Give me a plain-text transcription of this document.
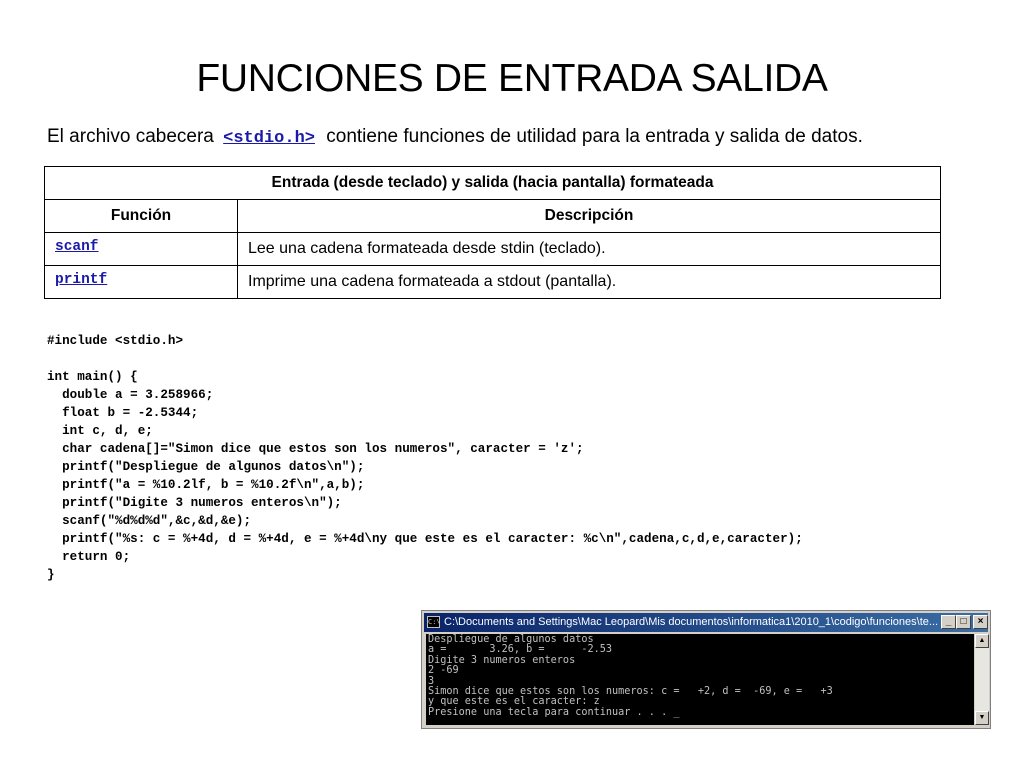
FUNCIONES DE ENTRADA SALIDA
El archivo cabecera <stdio.h> contiene funciones de utilidad para la entrada y salida de datos.
Entrada (desde teclado) y salida (hacia pantalla) formateada	
Función	Descripción
scanf	Lee una cadena formateada desde stdin (teclado).
printf	Imprime una cadena formateada a stdout (pantalla).
#include <stdio.h>

int main() {
double a = 3.258966;
float b = -2.5344;
int c, d, e;
char cadena[]="Simon dice que estos son los numeros", caracter = 'z';
printf("Despliegue de algunos datos\n");
printf("a = %10.2lf, b = %10.2f\n",a,b);
printf("Digite 3 numeros enteros\n");
scanf("%d%d%d",&c,&d,&e);
printf("%s: c = %+4d, d = %+4d, e = %+4d\ny que este es el caracter: %c\n",cadena,c,d,e,caracter);
return 0;
}
C:\ C:\Documents and Settings\Mac Leopard\Mis documentos\informatica1\2010_1\codigo\funciones\te... _ □	×
Despliegue de algunos datos
a =       3.26, b =      -2.53
Digite 3 numeros enteros
2 -69
3
Simon dice que estos son los numeros: c =   +2, d =  -69, e =   +3
y que este es el caracter: z
Presione una tecla para continuar . . . _
▲
▼
